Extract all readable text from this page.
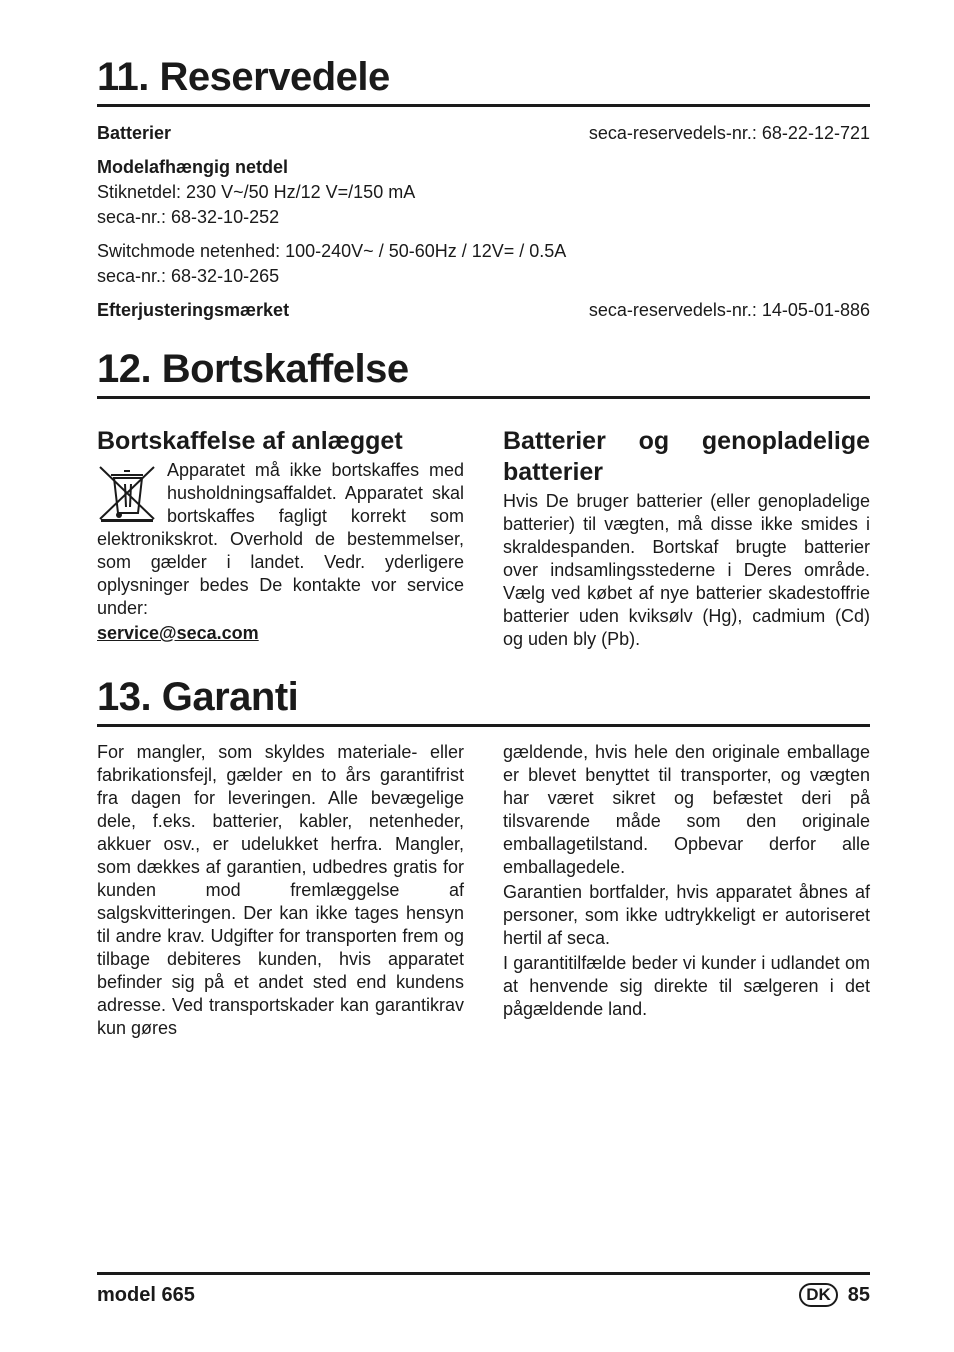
11. Reservedele
Batterier	seca-reservedels-nr.: 68-22-12-721
Modelafhængig netdel
Stiknetdel: 230 V~/50 Hz/12 V=/150 mA
seca-nr.: 68-32-10-252
Switchmode netenhed: 100-240V~ / 50-60Hz / 12V= / 0.5A
seca-nr.: 68-32-10-265
Efterjusteringsmærket	seca-reservedels-nr.: 14-05-01-886
12. Bortskaffelse
Bortskaffelse af anlægget

Apparatet må ikke bortskaffes med husholdningsaffaldet. Apparatet skal bortskaffes fagligt korrekt som elektronikskrot. Overhold de bestemmelser, som gælder i landet. Vedr. yderligere oplysninger bedes De kontakte vor service under:

service@seca.com

Batterier og genopladelige batterier

Hvis De bruger batterier (eller genopladelige batterier) til vægten, må disse ikke smides i skraldespanden. Bortskaf brugte batterier over indsamlingsstederne i Deres område. Vælg ved købet af nye batterier skadestoffrie batterier uden kviksølv (Hg), cadmium (Cd) og uden bly (Pb).

13. Garanti

For mangler, som skyldes materiale- eller fabrikationsfejl, gælder en to års garantifrist fra dagen for leveringen. Alle bevægelige dele, f.eks. batterier, kabler, netenheder, akkuer osv., er udelukket herfra. Mangler, som dækkes af garantien, udbedres gratis for kunden mod fremlæggelse af salgskvitteringen. Der kan ikke tages hensyn til andre krav. Udgifter for transporten frem og tilbage debiteres kunden, hvis apparatet befinder sig på et andet sted end kundens adresse. Ved transportskader kan garantikrav kun gøres

gældende, hvis hele den originale emballage er blevet benyttet til transporter, og vægten har været sikret og befæstet deri på tilsvarende måde som den originale emballagetilstand. Opbevar derfor alle emballagedele.

Garantien bortfalder, hvis apparatet åbnes af personer, som ikke udtrykkeligt er autoriseret hertil af seca.

I garantitilfælde beder vi kunder i udlandet om at henvende sig direkte til sælgeren i det pågældende land.

model 665	DK 85
